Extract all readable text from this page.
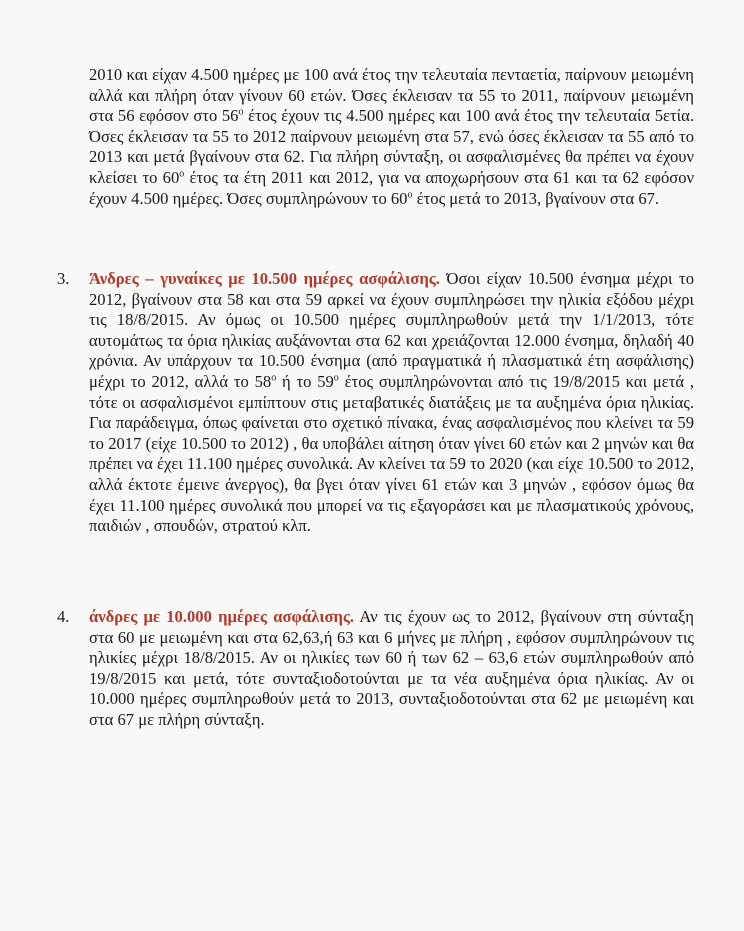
2010 και είχαν 4.500 ημέρες με 100 ανά έτος την τελευταία πενταετία, παίρνουν μειωμένη αλλά και πλήρη όταν γίνουν 60 ετών. Όσες έκλεισαν τα 55 το 2011, παίρνουν μειωμένη στα 56 εφόσον στο $56^o$ έτος έχουν τις 4.500 ημέρες και 100 ανά έτος την τελευταία 5ετία. Όσες έκλεισαν τα 55 το 2012 παίρνουν μειωμένη στα 57, ενώ όσες έκλεισαν τα 55 από το 2013 και μετά βγαίνουν στα 62. Για πλήρη σύνταξη, οι ασφαλισμένες θα πρέπει να έχουν κλείσει το $60^o$ έτος τα έτη 2011 και 2012, για να αποχωρήσουν στα 61 και τα 62 εφόσον έχουν 4.500 ημέρες. Όσες συμπληρώνουν το $60^o$ έτος μετά το 2013, βγαίνουν στα 67.

3. Άνδρες – γυναίκες με 10.500 ημέρες ασφάλισης. Όσοι είχαν 10.500 ένσημα μέχρι το 2012, βγαίνουν στα 58 και στα 59 αρκεί να έχουν συμπληρώσει την ηλικία εξόδου μέχρι τις 18/8/2015. Αν όμως οι 10.500 ημέρες συμπληρωθούν μετά την 1/1/2013, τότε αυτομάτως τα όρια ηλικίας αυξάνονται στα 62 και χρειάζονται 12.000 ένσημα, δηλαδή 40 χρόνια. Αν υπάρχουν τα 10.500 ένσημα (από πραγματικά ή πλασματικά έτη ασφάλισης) μέχρι το 2012, αλλά το $58^o$ ή το $59^o$ έτος συμπληρώνονται από τις 19/8/2015 και μετά , τότε οι ασφαλισμένοι εμπίπτουν στις μεταβατικές διατάξεις με τα αυξημένα όρια ηλικίας. Για παράδειγμα, όπως φαίνεται στο σχετικό πίνακα, ένας ασφαλισμένος που κλείνει τα 59 το 2017 (είχε 10.500 το 2012) , θα υποβάλει αίτηση όταν γίνει 60 ετών και 2 μηνών και θα πρέπει να έχει 11.100 ημέρες συνολικά. Αν κλείνει τα 59 το 2020 (και είχε 10.500 το 2012, αλλά έκτοτε έμεινε άνεργος), θα βγει όταν γίνει 61 ετών και 3 μηνών , εφόσον όμως θα έχει 11.100 ημέρες συνολικά που μπορεί να τις εξαγοράσει και με πλασματικούς χρόνους, παιδιών , σπουδών, στρατού κλπ.

4. άνδρες με 10.000 ημέρες ασφάλισης. Αν τις έχουν ως το 2012, βγαίνουν στη σύνταξη στα 60 με μειωμένη και στα 62,63,ή 63 και 6 μήνες με πλήρη , εφόσον συμπληρώνουν τις ηλικίες μέχρι 18/8/2015. Αν οι ηλικίες των 60 ή των 62 – 63,6 ετών συμπληρωθούν από 19/8/2015 και μετά, τότε συνταξιοδοτούνται με τα νέα αυξημένα όρια ηλικίας. Αν οι 10.000 ημέρες συμπληρωθούν μετά το 2013, συνταξιοδοτούνται στα 62 με μειωμένη και στα 67 με πλήρη σύνταξη.
